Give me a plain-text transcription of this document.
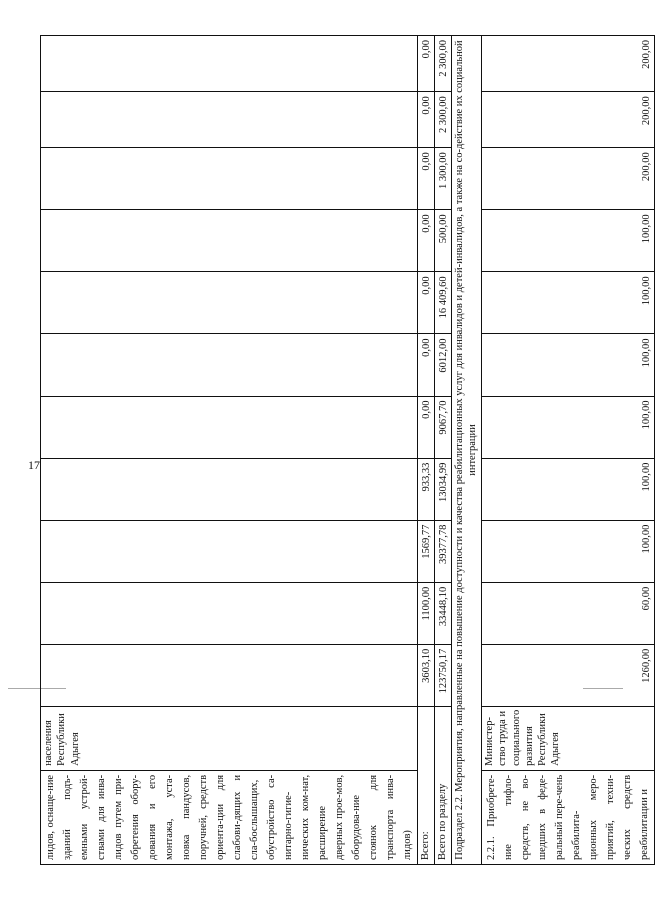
17
лидов, оснаще-ние зданий подъ-емными устрой-ствами для инва-лидов путем при-обретения обору-дования и его монтажа, уста-новка пандусов, поручней, средств ориента-ции для слабови-дящих и сла-бослышащих, обустройство са-нитарно-гигие-нических ком-нат, расширение дверных прое-мов, оборудова-ние стоянок для транспорта инва-лидов)	населения Республики Адыгея											
Всего:		3603,10	1100,00	1569,77	933,33	0,00	0,00	0,00	0,00	0,00	0,00	0,00
Всего по разделу		123750,17	33448,10	39377,78	13034,99	9067,70	6012,00	16 409,60	500,00	1 300,00	2 300,00	2 300,00
Подраздел 2.2. Мероприятия, направленные на повышение доступности и качества реабилитационных услуг для инвалидов и детей-инвалидов, а также на со-действие их социальной интеграции												
2.2.1. Приобрете-ние тифло-средств, не во-шедших в феде-ральный пере-чень реабилита-ционных меро-приятий, техни-ческих средств реабилитации и	Министер-ство труда и социального развития Республики Адыгея	1260,00	60,00	100,00	100,00	100,00	100,00	100,00	100,00	200,00	200,00	200,00
